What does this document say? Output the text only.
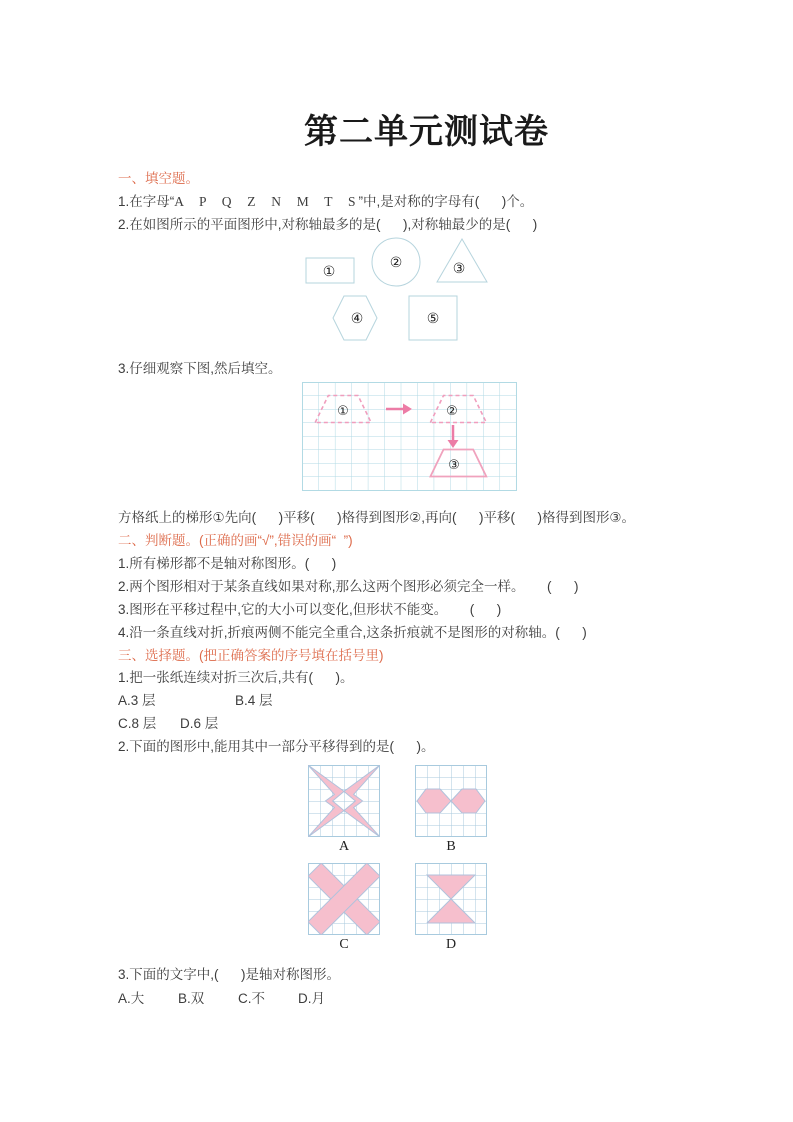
第二单元测试卷
一、填空题。
1.在字母“A  P  Q  Z  N  M  T  S”中,是对称的字母有(      )个。
2.在如图所示的平面图形中,对称轴最多的是(      ),对称轴最少的是(      )
①
②	③
④	⑤
3.仔细观察下图,然后填空。
①	②
③
方格纸上的梯形①先向(      )平移(      )格得到图形②,再向(      )平移(      )格得到图形③。
二、判断题。(正确的画“√”,错误的画“  ”)
1.所有梯形都不是轴对称图形。(      )
2.两个图形相对于某条直线如果对称,那么这两个图形必须完全一样。      (      )
3.图形在平移过程中,它的大小可以变化,但形状不能变。      (      )
4.沿一条直线对折,折痕两侧不能完全重合,这条折痕就不是图形的对称轴。(      )
三、选择题。(把正确答案的序号填在括号里)
1.把一张纸连续对折三次后,共有(      )。
A.3 层	B.4 层
C.8 层 D.6 层
2.下面的图形中,能用其中一部分平移得到的是(      )。
A	B
C	D
3.下面的文字中,(      )是轴对称图形。
A.大 B.双 C.不 D.月
